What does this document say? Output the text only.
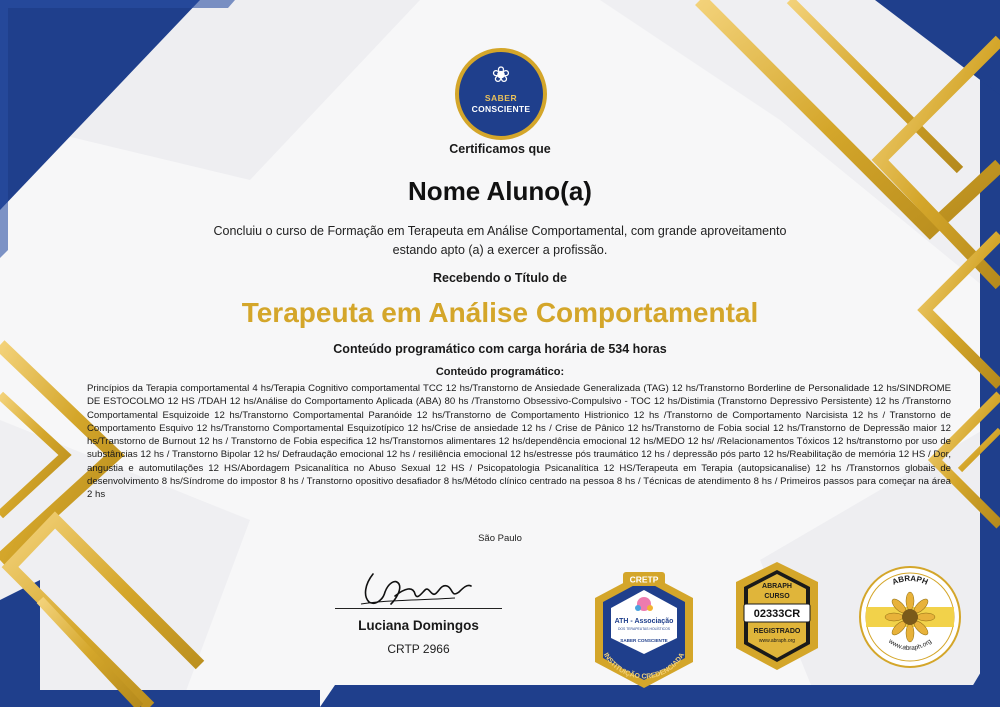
❀
SABER
CONSCIENTE
Certificamos que
Nome Aluno(a)
Concluiu o curso de Formação em Terapeuta em Análise Comportamental, com grande aproveitamento estando apto (a) a exercer a profissão.
Recebendo o Título de
Terapeuta em Análise Comportamental
Conteúdo programático com carga horária de 534 horas
Conteúdo programático:
Princípios da Terapia comportamental 4 hs/Terapia Cognitivo comportamental TCC 12 hs/Transtorno de Ansiedade Generalizada (TAG) 12 hs/Transtorno Borderline de Personalidade 12 hs/SINDROME DE ESTOCOLMO 12 HS /TDAH 12 hs/Análise do Comportamento Aplicada (ABA) 80 hs /Transtorno Obsessivo-Compulsivo - TOC 12 hs/Distimia (Transtorno Depressivo Persistente) 12 hs /Transtorno Comportamental Esquizoide 12 hs/Transtorno Comportamental Paranóide 12 hs/Transtorno de Comportamento Histrionico 12 hs /Transtorno de Comportamento Narcisista 12 hs / Transtorno de Comportamento Esquivo 12 hs/Transtorno Comportamental Esquizotípico 12 hs/Crise de ansiedade 12 hs / Crise de Pânico 12 hs/Transtorno de Fobia social 12 hs/Transtorno de Depressão maior 12 hs/Transtorno de Burnout 12 hs / Transtorno de Fobia especifica 12 hs/Transtornos alimentares 12 hs/dependência emocional 12 hs/MEDO 12 hs/ /Relacionamentos Tóxicos 12 hs/transtorno por uso de substâncias 12 hs / Transtorno Bipolar 12 hs/ Defraudação emocional 12 hs / resiliência emocional 12 hs/estresse pós traumático 12 hs / depressão pós parto 12 hs/Reabilitação de memória 12 HS / Dor, angustia e automutilações 12 HS/Abordagem Psicanalítica no Abuso Sexual 12 HS / Psicopatologia Psicanalítica 12 HS/Terapeuta em Terapia (autopsicanalise) 12 hs /Transtornos globais de desenvolvimento 8 hs/Síndrome do impostor 8 hs / Transtorno opositivo desafiador 8 hs/Método clínico centrado na pessoa 8 hs / Técnicas de atendimento 8 hs / Primeiros passos para começar na área 2 hs
São Paulo
Luciana Domingos
CRTP 2966
CRETP
ATH - Associação
DOS TERAPEUTAS HOLÍSTICOS
SABER CONSCIENTE
INSTITUIÇÃO CREDENCIADA
ABRAPH
CURSO
02333CR
REGISTRADO
www.abraph.org
ABRAPH
www.abraph.org
